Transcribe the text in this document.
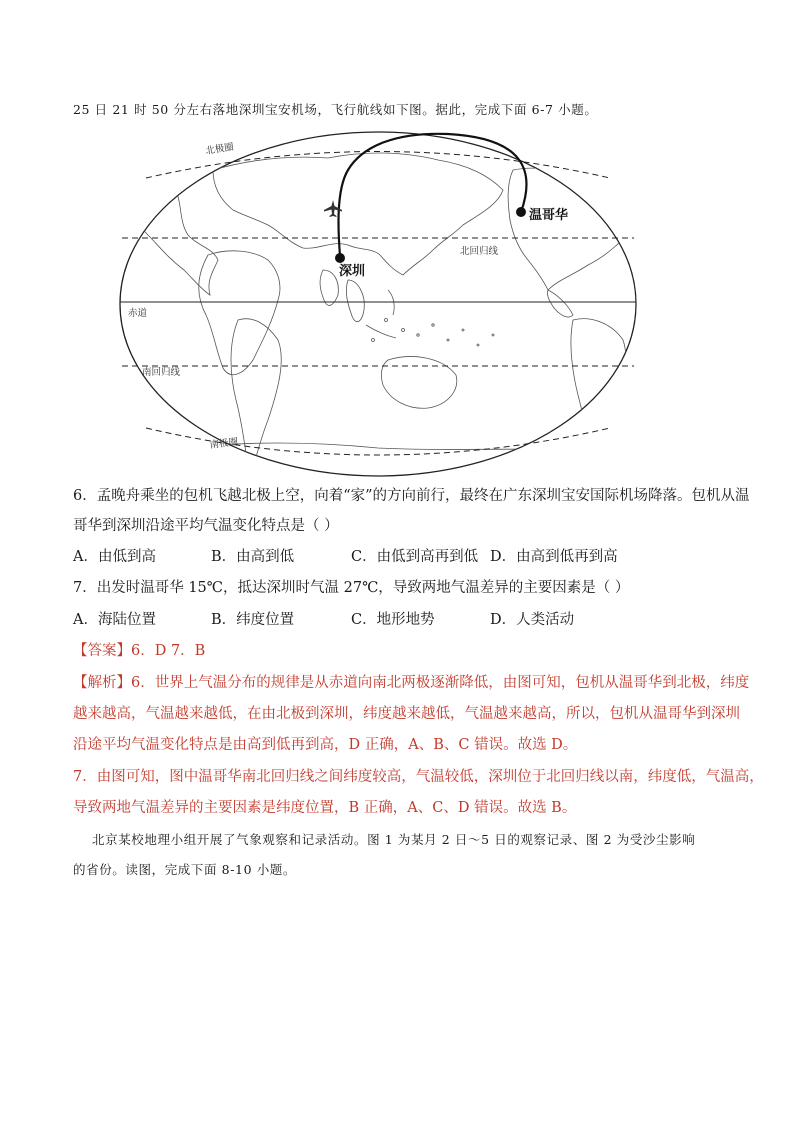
25 日 21 时 50 分左右落地深圳宝安机场，飞行航线如下图。据此，完成下面 6-7 小题。
北极圈
北回归线
赤道
南回归线
南极圈
温哥华
深圳
6．孟晚舟乘坐的包机飞越北极上空，向着“家”的方向前行，最终在广东深圳宝安国际机场降落。包机从温
哥华到深圳沿途平均气温变化特点是（ ）
A．由低到高	B．由高到低	C．由低到高再到低 D．由高到低再到高
7．出发时温哥华 15℃，抵达深圳时气温 27℃，导致两地气温差异的主要因素是（ ）
A．海陆位置	B．纬度位置	C．地形地势	D．人类活动
【答案】6．D 7．B
【解析】6．世界上气温分布的规律是从赤道向南北两极逐渐降低，由图可知，包机从温哥华到北极，纬度
越来越高，气温越来越低，在由北极到深圳，纬度越来越低，气温越来越高，所以，包机从温哥华到深圳
沿途平均气温变化特点是由高到低再到高，D 正确，A、B、C 错误。故选 D。
7．由图可知，图中温哥华南北回归线之间纬度较高，气温较低，深圳位于北回归线以南，纬度低，气温高，
导致两地气温差异的主要因素是纬度位置，B 正确，A、C、D 错误。故选 B。
北京某校地理小组开展了气象观察和记录活动。图 1 为某月 2 日～5 日的观察记录、图 2 为受沙尘影响
的省份。读图，完成下面 8-10 小题。
